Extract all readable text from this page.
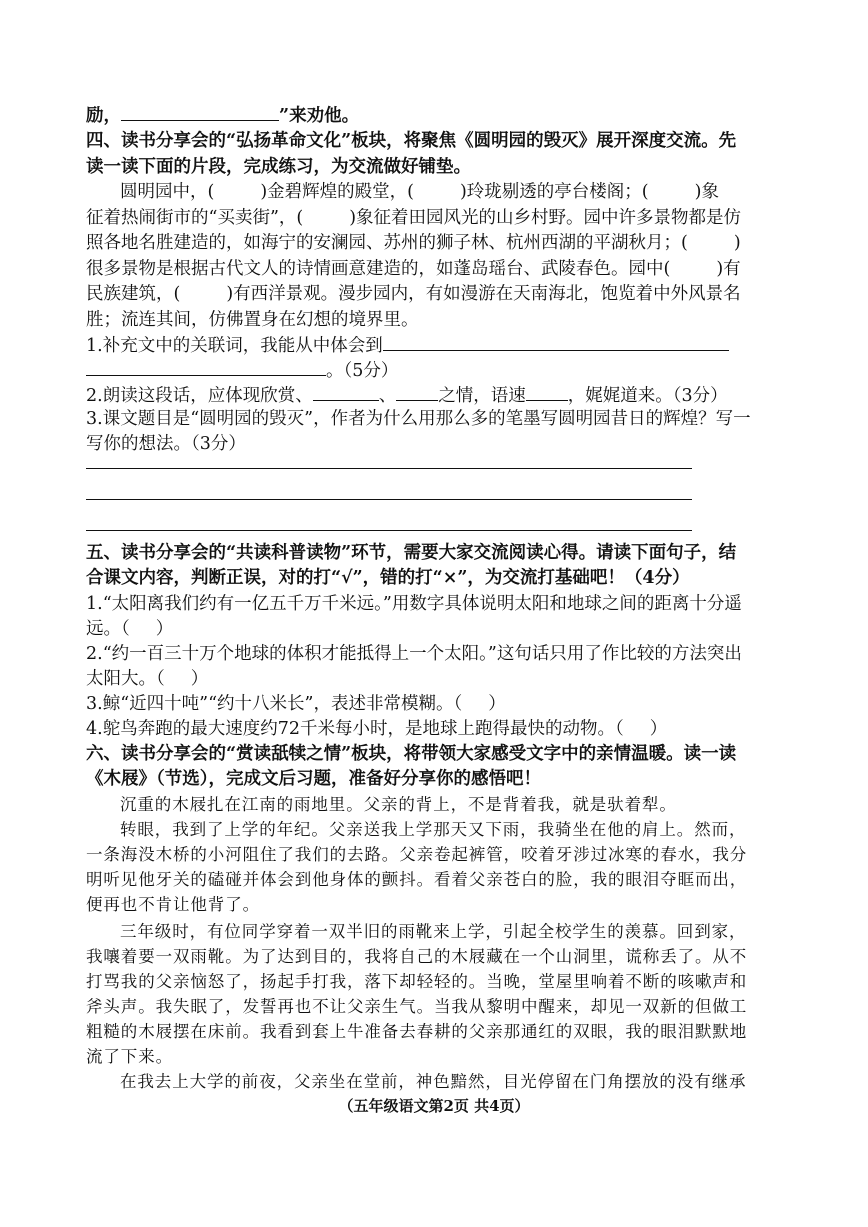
励，	”来劝他。
四、读书分享会的“弘扬革命文化”板块，将聚焦《圆明园的毁灭》展开深度交流。先
读一读下面的片段，完成练习，为交流做好铺垫。
圆明园中，(	)金碧辉煌的殿堂，(	)玲珑剔透的亭台楼阁；(	)象
征着热闹街市的“买卖街”，(	)象征着田园风光的山乡村野。园中许多景物都是仿
照各地名胜建造的，如海宁的安澜园、苏州的狮子林、杭州西湖的平湖秋月；(	)
很多景物是根据古代文人的诗情画意建造的，如蓬岛瑶台、武陵春色。园中(	)有
民族建筑，(	)有西洋景观。漫步园内，有如漫游在天南海北，饱览着中外风景名
胜；流连其间，仿佛置身在幻想的境界里。
1.补充文中的关联词，我能从中体会到
。（5分）
2.朗读这段话，应体现欣赏、	、 之情，语速 ，娓娓道来。（3分）
3.课文题目是“圆明园的毁灭”，作者为什么用那么多的笔墨写圆明园昔日的辉煌？写一
写你的想法。（3分）
五、读书分享会的“共读科普读物”环节，需要大家交流阅读心得。请读下面句子，结
合课文内容，判断正误，对的打“√”，错的打“×”，为交流打基础吧！（4分）
1.“太阳离我们约有一亿五千万千米远。”用数字具体说明太阳和地球之间的距离十分遥
远。（ ）
2.“约一百三十万个地球的体积才能抵得上一个太阳。”这句话只用了作比较的方法突出
太阳大。（ ）
3.鲸“近四十吨”“约十八米长”，表述非常模糊。（ ）
4.鸵鸟奔跑的最大速度约72千米每小时，是地球上跑得最快的动物。（ ）
六、读书分享会的“赏读舐犊之情”板块，将带领大家感受文字中的亲情温暖。读一读
《木屐》（节选），完成文后习题，准备好分享你的感悟吧！
沉重的木屐扎在江南的雨地里。父亲的背上，不是背着我，就是驮着犁。
转眼，我到了上学的年纪。父亲送我上学那天又下雨，我骑坐在他的肩上。然而，
一条海没木桥的小河阻住了我们的去路。父亲卷起裤管，咬着牙涉过冰寒的春水，我分
明听见他牙关的磕碰并体会到他身体的颤抖。看着父亲苍白的脸，我的眼泪夺眶而出，
便再也不肯让他背了。
三年级时，有位同学穿着一双半旧的雨靴来上学，引起全校学生的羡慕。回到家，
我嚷着要一双雨靴。为了达到目的，我将自己的木屐藏在一个山洞里，谎称丢了。从不
打骂我的父亲恼怒了，扬起手打我，落下却轻轻的。当晚，堂屋里响着不断的咳嗽声和
斧头声。我失眠了，发誓再也不让父亲生气。当我从黎明中醒来，却见一双新的但做工
粗糙的木屐摆在床前。我看到套上牛准备去春耕的父亲那通红的双眼，我的眼泪默默地
流了下来。
在我去上大学的前夜，父亲坐在堂前，神色黯然，目光停留在门角摆放的没有继承
（五年级语文第2页 共4页）
